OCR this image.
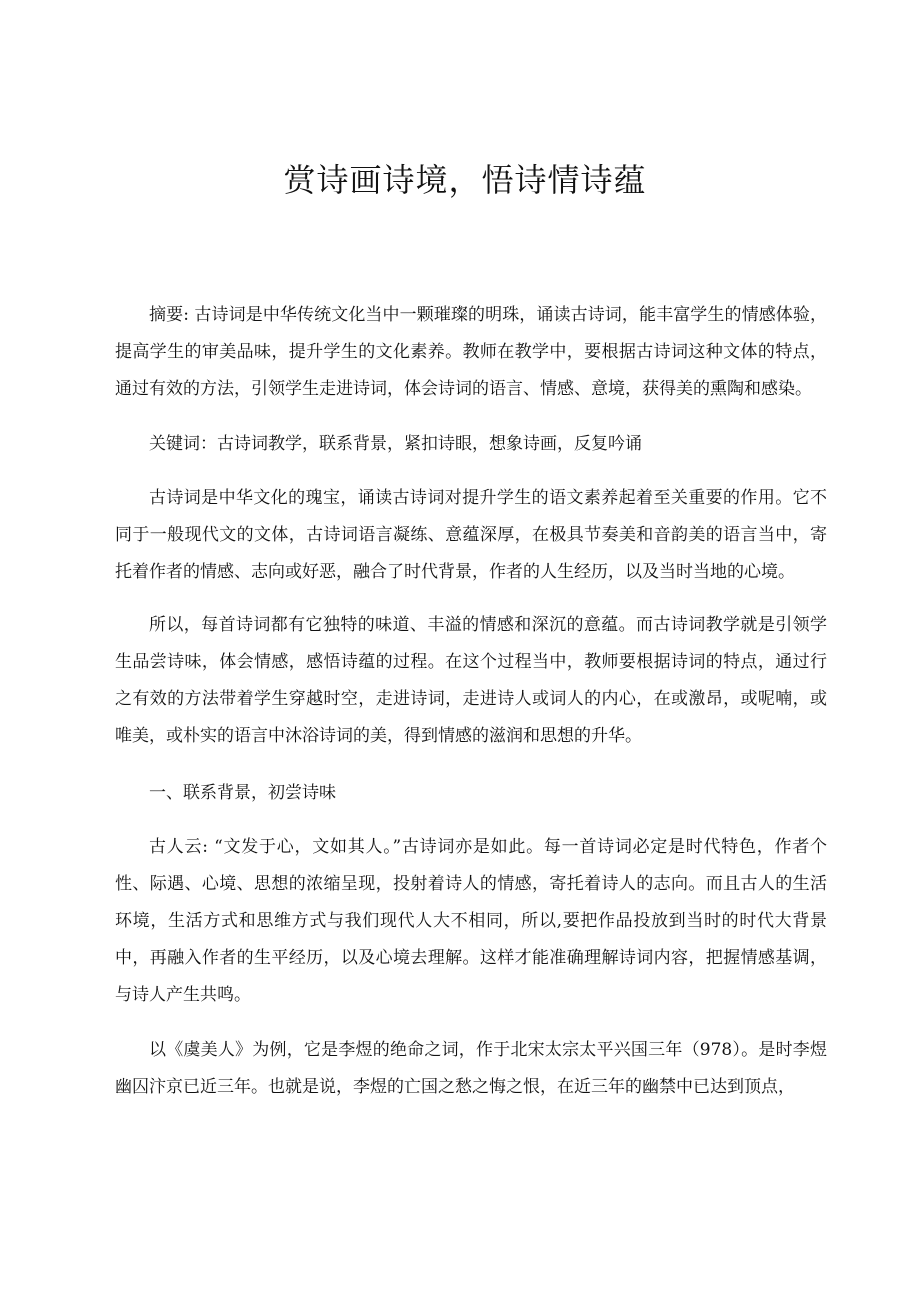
赏诗画诗境，悟诗情诗蕴

摘要: 古诗词是中华传统文化当中一颗璀璨的明珠，诵读古诗词，能丰富学生的情感体验，提高学生的审美品味，提升学生的文化素养。教师在教学中，要根据古诗词这种文体的特点，通过有效的方法，引领学生走进诗词，体会诗词的语言、情感、意境，获得美的熏陶和感染。

关键词：古诗词教学，联系背景，紧扣诗眼，想象诗画，反复吟诵

古诗词是中华文化的瑰宝，诵读古诗词对提升学生的语文素养起着至关重要的作用。它不同于一般现代文的文体，古诗词语言凝练、意蕴深厚，在极具节奏美和音韵美的语言当中，寄托着作者的情感、志向或好恶，融合了时代背景，作者的人生经历，以及当时当地的心境。

所以，每首诗词都有它独特的味道、丰溢的情感和深沉的意蕴。而古诗词教学就是引领学生品尝诗味，体会情感，感悟诗蕴的过程。在这个过程当中，教师要根据诗词的特点，通过行之有效的方法带着学生穿越时空，走进诗词，走进诗人或词人的内心，在或激昂，或呢喃，或唯美，或朴实的语言中沐浴诗词的美，得到情感的滋润和思想的升华。

一、联系背景，初尝诗味

古人云: “文发于心，文如其人。”古诗词亦是如此。每一首诗词必定是时代特色，作者个性、际遇、心境、思想的浓缩呈现，投射着诗人的情感，寄托着诗人的志向。而且古人的生活环境，生活方式和思维方式与我们现代人大不相同，所以,要把作品投放到当时的时代大背景中，再融入作者的生平经历，以及心境去理解。这样才能准确理解诗词内容，把握情感基调，与诗人产生共鸣。

以《虞美人》为例，它是李煜的绝命之词，作于北宋太宗太平兴国三年（978）。是时李煜幽囚汴京已近三年。也就是说，李煜的亡国之愁之悔之恨，在近三年的幽禁中已达到顶点，
